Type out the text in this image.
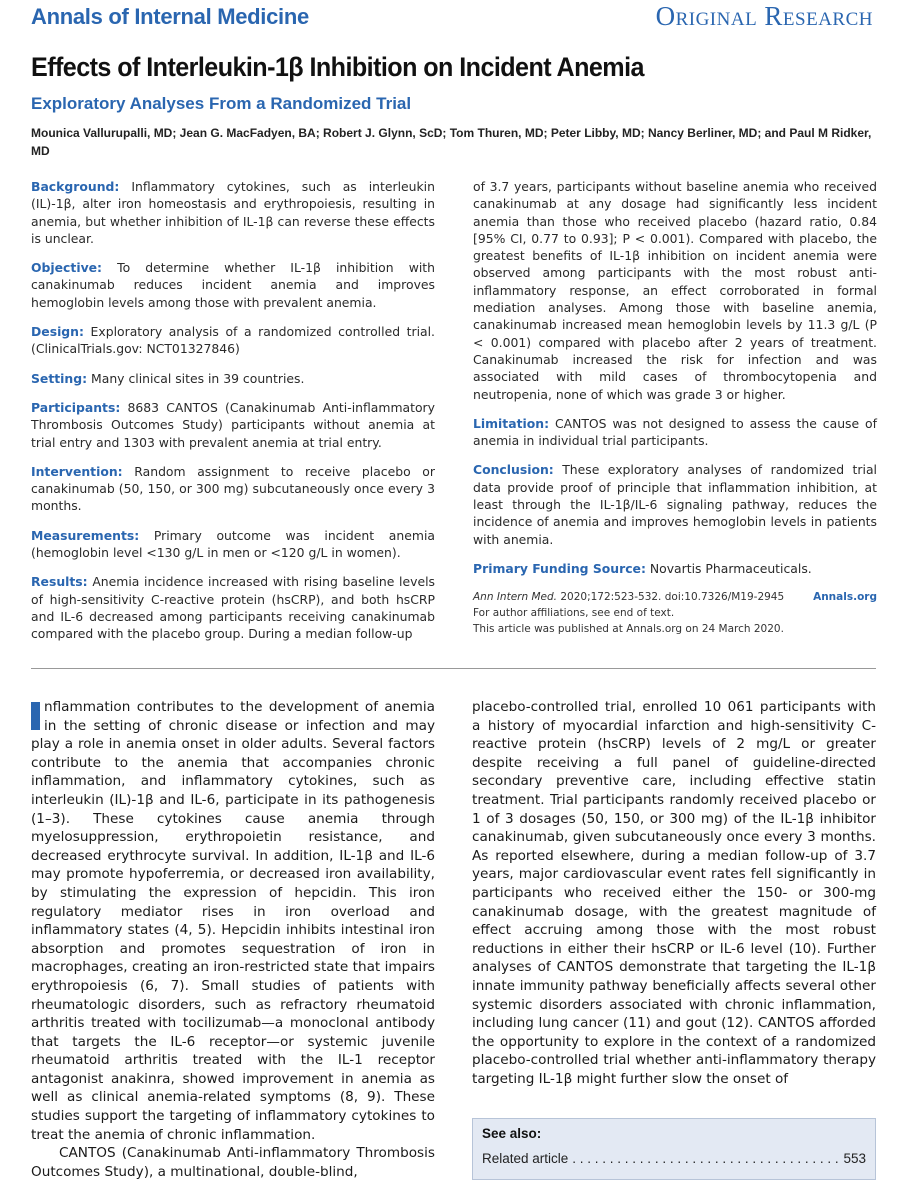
Annals of Internal Medicine	Original Research
Effects of Interleukin-1β Inhibition on Incident Anemia
Exploratory Analyses From a Randomized Trial
Mounica Vallurupalli, MD; Jean G. MacFadyen, BA; Robert J. Glynn, ScD; Tom Thuren, MD; Peter Libby, MD; Nancy Berliner, MD; and Paul M Ridker, MD

Background: Inflammatory cytokines, such as interleukin (IL)-1β, alter iron homeostasis and erythropoiesis, resulting in anemia, but whether inhibition of IL-1β can reverse these effects is unclear.

Objective: To determine whether IL-1β inhibition with canakinumab reduces incident anemia and improves hemoglobin levels among those with prevalent anemia.

Design: Exploratory analysis of a randomized controlled trial. (ClinicalTrials.gov: NCT01327846)

Setting: Many clinical sites in 39 countries.

Participants: 8683 CANTOS (Canakinumab Anti-inflammatory Thrombosis Outcomes Study) participants without anemia at trial entry and 1303 with prevalent anemia at trial entry.

Intervention: Random assignment to receive placebo or canakinumab (50, 150, or 300 mg) subcutaneously once every 3 months.

Measurements: Primary outcome was incident anemia (hemoglobin level <130 g/L in men or <120 g/L in women).

Results: Anemia incidence increased with rising baseline levels of high-sensitivity C-reactive protein (hsCRP), and both hsCRP and IL-6 decreased among participants receiving canakinumab compared with the placebo group. During a median follow-up

of 3.7 years, participants without baseline anemia who received canakinumab at any dosage had significantly less incident anemia than those who received placebo (hazard ratio, 0.84 [95% CI, 0.77 to 0.93]; P < 0.001). Compared with placebo, the greatest benefits of IL-1β inhibition on incident anemia were observed among participants with the most robust anti-inflammatory response, an effect corroborated in formal mediation analyses. Among those with baseline anemia, canakinumab increased mean hemoglobin levels by 11.3 g/L (P < 0.001) compared with placebo after 2 years of treatment. Canakinumab increased the risk for infection and was associated with mild cases of thrombocytopenia and neutropenia, none of which was grade 3 or higher.

Limitation: CANTOS was not designed to assess the cause of anemia in individual trial participants.

Conclusion: These exploratory analyses of randomized trial data provide proof of principle that inflammation inhibition, at least through the IL-1β/IL-6 signaling pathway, reduces the incidence of anemia and improves hemoglobin levels in patients with anemia.

Primary Funding Source: Novartis Pharmaceuticals.

Ann Intern Med. 2020;172:523-532. doi:10.7326/M19-2945	Annals.org
For author affiliations, see end of text.
This article was published at Annals.org on 24 March 2020.

nflammation contributes to the development of anemia in the setting of chronic disease or infection and may play a role in anemia onset in older adults. Several factors contribute to the anemia that accompanies chronic inflammation, and inflammatory cytokines, such as interleukin (IL)-1β and IL-6, participate in its pathogenesis (1–3). These cytokines cause anemia through myelosuppression, erythropoietin resistance, and decreased erythrocyte survival. In addition, IL-1β and IL-6 may promote hypoferremia, or decreased iron availability, by stimulating the expression of hepcidin. This iron regulatory mediator rises in iron overload and inflammatory states (4, 5). Hepcidin inhibits intestinal iron absorption and promotes sequestration of iron in macrophages, creating an iron-restricted state that impairs erythropoiesis (6, 7). Small studies of patients with rheumatologic disorders, such as refractory rheumatoid arthritis treated with tocilizumab—a monoclonal antibody that targets the IL-6 receptor—or systemic juvenile rheumatoid arthritis treated with the IL-1 receptor antagonist anakinra, showed improvement in anemia as well as clinical anemia-related symptoms (8, 9). These studies support the targeting of inflammatory cytokines to treat the anemia of chronic inflammation.

CANTOS (Canakinumab Anti-inflammatory Thrombosis Outcomes Study), a multinational, double-blind,

placebo-controlled trial, enrolled 10 061 participants with a history of myocardial infarction and high-sensitivity C-reactive protein (hsCRP) levels of 2 mg/L or greater despite receiving a full panel of guideline-directed secondary preventive care, including effective statin treatment. Trial participants randomly received placebo or 1 of 3 dosages (50, 150, or 300 mg) of the IL-1β inhibitor canakinumab, given subcutaneously once every 3 months. As reported elsewhere, during a median follow-up of 3.7 years, major cardiovascular event rates fell significantly in participants who received either the 150- or 300-mg canakinumab dosage, with the greatest magnitude of effect accruing among those with the most robust reductions in either their hsCRP or IL-6 level (10). Further analyses of CANTOS demonstrate that targeting the IL-1β innate immunity pathway beneficially affects several other systemic disorders associated with chronic inflammation, including lung cancer (11) and gout (12). CANTOS afforded the opportunity to explore in the context of a randomized placebo-controlled trial whether anti-inflammatory therapy targeting IL-1β might further slow the onset of

See also:
Related article
. . .	553
